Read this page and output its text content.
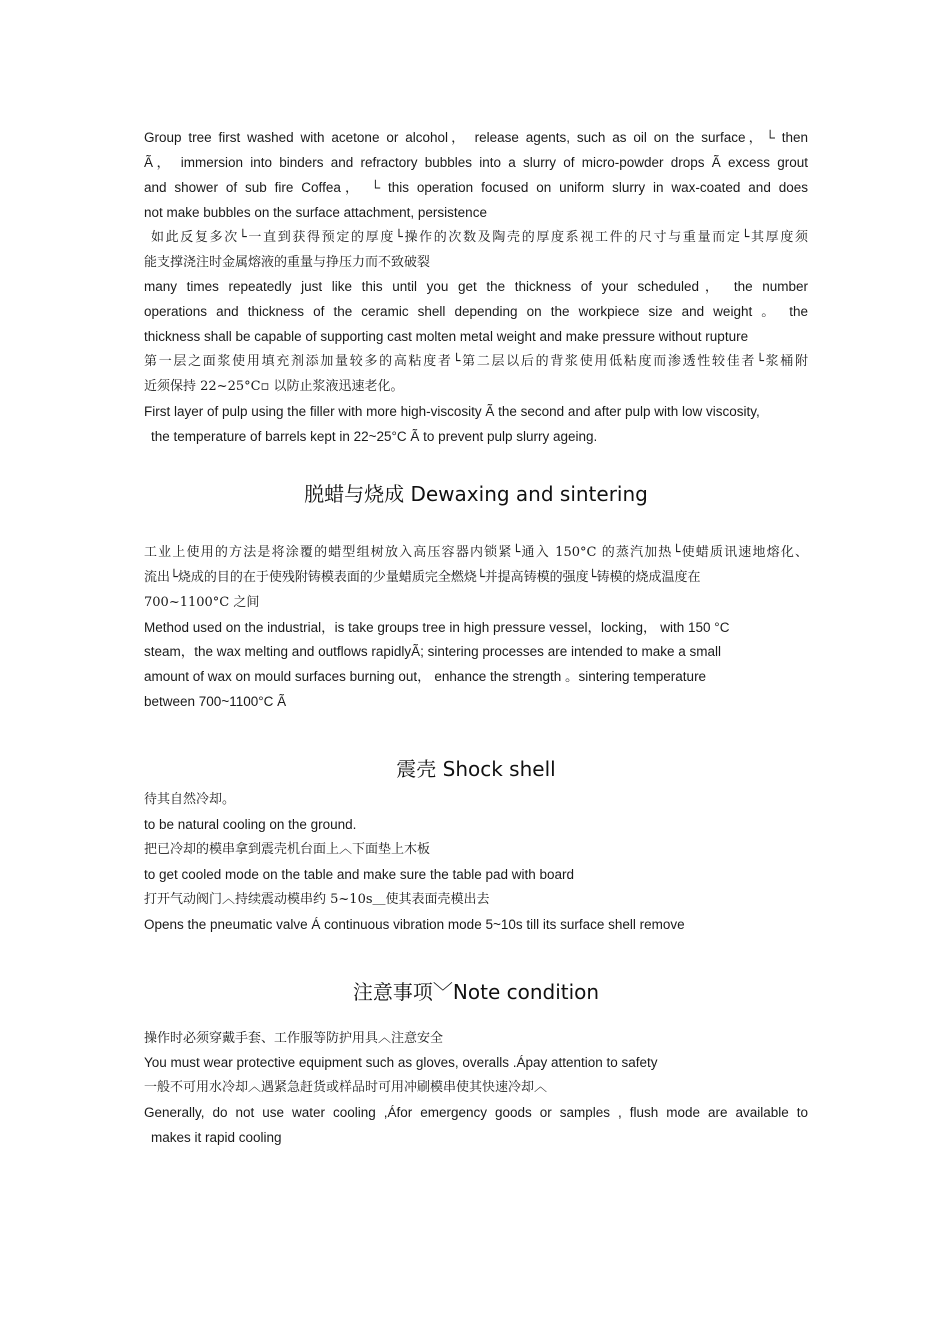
Group tree first washed with acetone or alcohol， release agents, such as oil on the surface，└ then
Ã， immersion into binders and refractory bubbles into a slurry of micro-powder drops Ã excess grout
and shower of sub fire Coffea， └ this operation focused on uniform slurry in wax-coated and does
not make bubbles on the surface attachment, persistence
如此反复多次└一直到获得预定的厚度└操作的次数及陶壳的厚度系视工件的尺寸与重量而定└其厚度须
能支撑浇注时金属熔液的重量与挣压力而不致破裂
many times repeatedly just like this until you get the thickness of your scheduled， the number
operations and thickness of the ceramic shell depending on the workpiece size and weight 。 the
thickness shall be capable of supporting cast molten metal weight and make pressure without rupture
第一层之面浆使用填充剂添加量较多的高粘度者└第二层以后的背浆使用低粘度而渗透性较佳者└浆桶附
近须保持 22~25°C▫ 以防止浆液迅速老化。
First layer of pulp using the filler with more high-viscosity Ã the second and after pulp with low viscosity,
the temperature of barrels kept in 22~25°C Ã to prevent pulp slurry ageing.
脱蜡与烧成 Dewaxing and sintering
工业上使用的方法是将涂覆的蜡型组树放入高压容器内锁紧└通入 150°C 的蒸汽加热└使蜡质讯速地熔化、
流出└烧成的目的在于使残附铸模表面的少量蜡质完全燃烧└并提高铸模的强度└铸模的烧成温度在
700~1100°C 之间
Method used on the industrial，is take groups tree in high pressure vessel，locking， with 150 °C
steam，the wax melting and outflows rapidlyÃ; sintering processes are intended to make a small
amount of wax on mould surfaces burning out， enhance the strength 。sintering temperature
between 700~1100°C Ã
震壳 Shock shell
待其自然冷却。
to be natural cooling on the ground.
把已冷却的模串拿到震壳机台面上︿下面垫上木板
to get cooled mode on the table and make sure the table pad with board
打开气动阀门︿持续震动模串约 5~10s＿使其表面壳模出去
Opens the pneumatic valve Á continuous vibration mode 5~10s till its surface shell remove
注意事项﹀Note condition
操作时必须穿戴手套、工作服等防护用具︿注意安全
You must wear protective equipment such as gloves, overalls .Ápay attention to safety
一般不可用水冷却︿遇紧急赶货或样品时可用冲刷模串使其快速冷却︿
Generally, do not use water cooling ,Áfor emergency goods or samples , flush mode are available to
makes it rapid cooling
